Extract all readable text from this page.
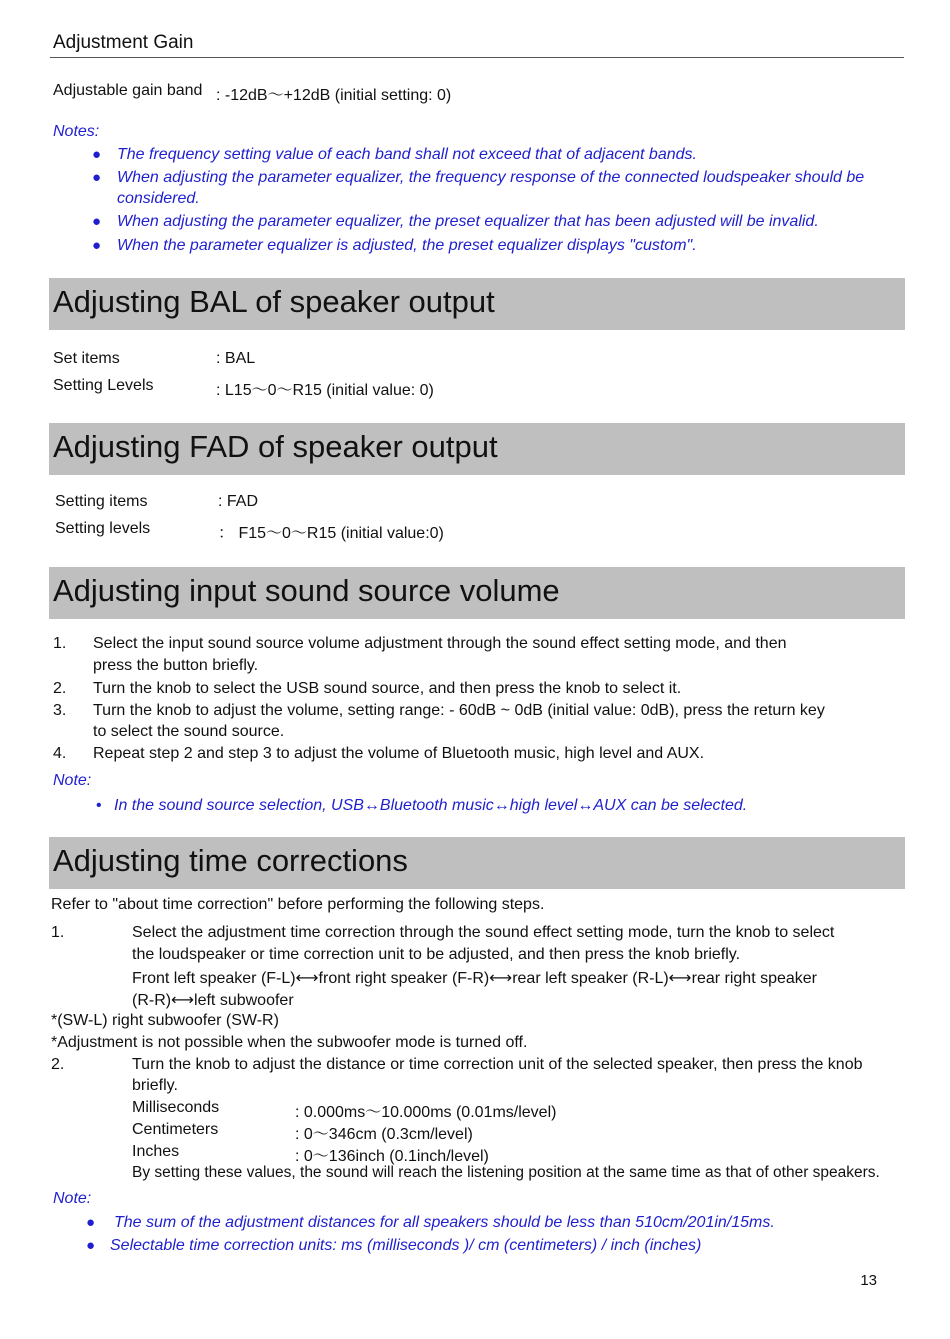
Adjustment Gain
Adjustable gain band : -12dB～+12dB (initial setting: 0)
Notes:
● The frequency setting value of each band shall not exceed that of adjacent bands.
● When adjusting the parameter equalizer, the frequency response of the connected loudspeaker should be
considered.
● When adjusting the parameter equalizer, the preset equalizer that has been adjusted will be invalid.
● When the parameter equalizer is adjusted, the preset equalizer displays "custom".
Adjusting BAL of speaker output
Set items	: BAL
Setting Levels	: L15～0～R15 (initial value: 0)
Adjusting FAD of speaker output
Setting items	: FAD
Setting levels	： F15～0～R15 (initial value:0)
Adjusting input sound source volume
1. Select the input sound source volume adjustment through the sound effect setting mode, and then
press the button briefly.
2. Turn the knob to select the USB sound source, and then press the knob to select it.
3. Turn the knob to adjust the volume, setting range: - 60dB ~ 0dB (initial value: 0dB), press the return key
to select the sound source.
4. Repeat step 2 and step 3 to adjust the volume of Bluetooth music, high level and AUX.
Note:
• In the sound source selection, USB↔Bluetooth music↔high level↔AUX can be selected.
Adjusting time corrections
Refer to "about time correction" before performing the following steps.
1.	Select the adjustment time correction through the sound effect setting mode, turn the knob to select
the loudspeaker or time correction unit to be adjusted, and then press the knob briefly.
Front left speaker (F-L)⟷front right speaker (F-R)⟷rear left speaker (R-L)⟷rear right speaker
(R-R)⟷left subwoofer
*(SW-L) right subwoofer (SW-R)
*Adjustment is not possible when the subwoofer mode is turned off.
2.	Turn the knob to adjust the distance or time correction unit of the selected speaker, then press the knob
briefly.
Milliseconds	: 0.000ms～10.000ms (0.01ms/level)
Centimeters	: 0～346cm (0.3cm/level)
Inches	: 0～136inch (0.1inch/level)
By setting these values, the sound will reach the listening position at the same time as that of other speakers.
Note:
● The sum of the adjustment distances for all speakers should be less than 510cm/201in/15ms.
● Selectable time correction units: ms (milliseconds )/ cm (centimeters) / inch (inches)
13
